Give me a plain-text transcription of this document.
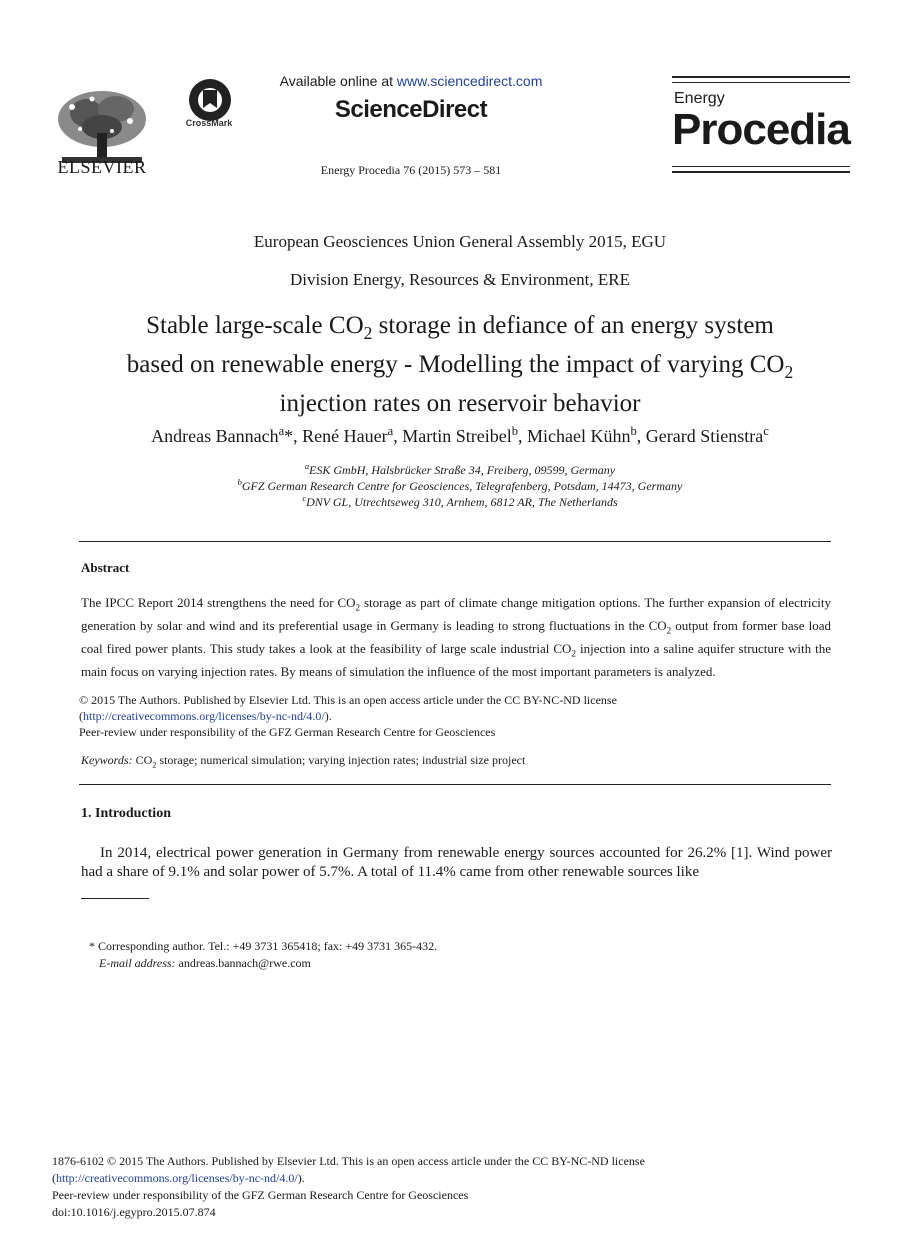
ELSEVIER
CrossMark
Available online at www.sciencedirect.com
ScienceDirect
Energy Procedia 76 (2015) 573 – 581
Energy
Procedia
European Geosciences Union General Assembly 2015, EGU
Division Energy, Resources & Environment, ERE
Stable large-scale $CO_2$ storage in defiance of an energy system
based on renewable energy - Modelling the impact of varying $CO_2$
injection rates on reservoir behavior
Andreas Bannach$^a$*, René Hauer$^a$, Martin Streibel$^b$, Michael Kühn$^b$, Gerard Stienstra$^c$
$^a$ESK GmbH, Halsbrücker Straße 34, Freiberg, 09599, Germany
$^b$GFZ German Research Centre for Geosciences, Telegrafenberg, Potsdam, 14473, Germany
$^c$DNV GL, Utrechtseweg 310, Arnhem, 6812 AR, The Netherlands
Abstract
The IPCC Report 2014 strengthens the need for $CO_2$ storage as part of climate change mitigation options. The further expansion of electricity generation by solar and wind and its preferential usage in Germany is leading to strong fluctuations in the $CO_2$ output from former base load coal fired power plants. This study takes a look at the feasibility of large scale industrial $CO_2$ injection into a saline aquifer structure with the main focus on varying injection rates. By means of simulation the influence of the most important parameters is analyzed.
© 2015 The Authors. Published by Elsevier Ltd. This is an open access article under the CC BY-NC-ND license
(http://creativecommons.org/licenses/by-nc-nd/4.0/).
Peer-review under responsibility of the GFZ German Research Centre for Geosciences
Keywords: $CO_2$ storage; numerical simulation; varying injection rates; industrial size project
1. Introduction
In 2014, electrical power generation in Germany from renewable energy sources accounted for 26.2% [1]. Wind power had a share of 9.1% and solar power of 5.7%. A total of 11.4% came from other renewable sources like
* Corresponding author. Tel.: +49 3731 365418; fax: +49 3731 365-432.
E-mail address: andreas.bannach@rwe.com
1876-6102 © 2015 The Authors. Published by Elsevier Ltd. This is an open access article under the CC BY-NC-ND license
(http://creativecommons.org/licenses/by-nc-nd/4.0/).
Peer-review under responsibility of the GFZ German Research Centre for Geosciences
doi:10.1016/j.egypro.2015.07.874
